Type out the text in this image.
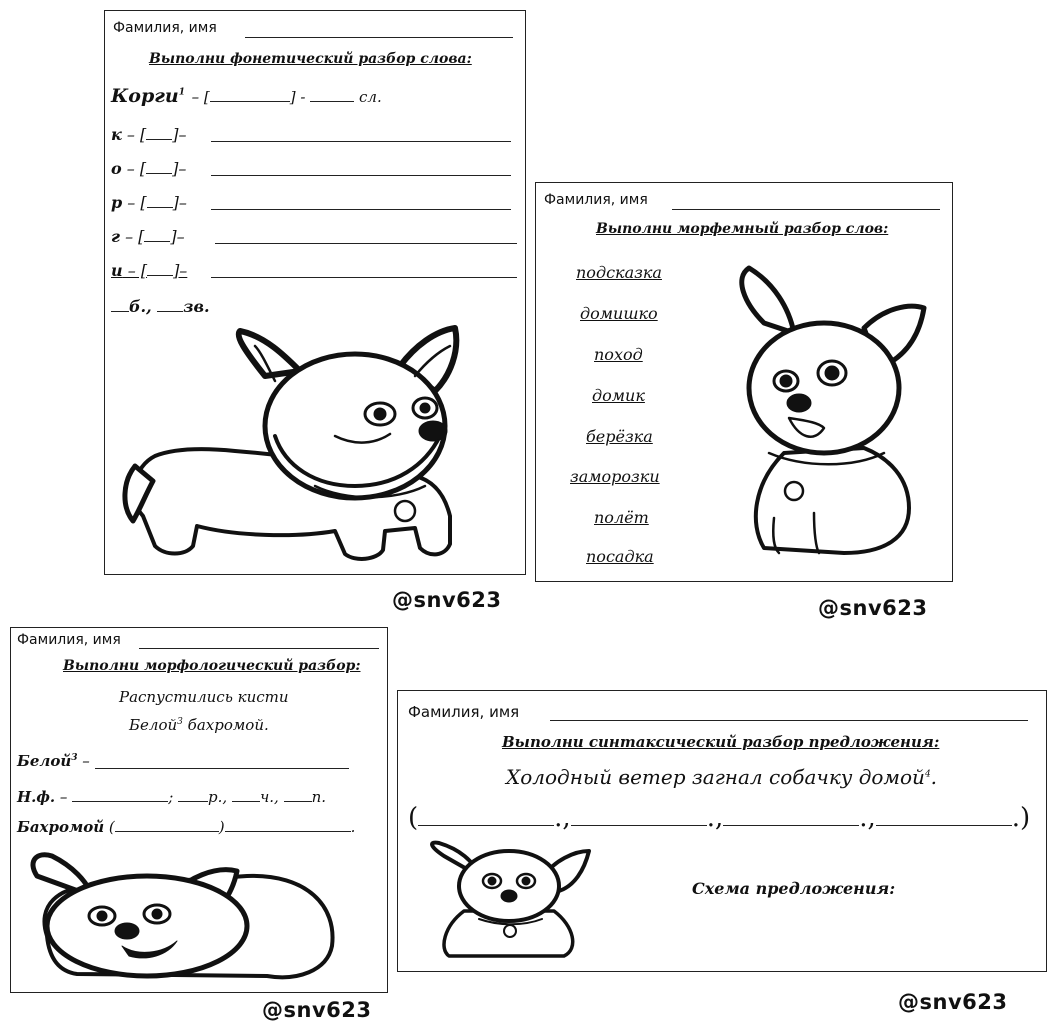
Фамилия, имя
Выполни фонетический разбор слова:
Корги$^1$ – [	] -	сл.
к – [ ]–
о – [ ]–
р – [ ]–
г – [ ]–
и – [ ]–
б., зв.
@snv623
Фамилия, имя
Выполни морфемный разбор слов:
подсказка
домишко
поход
домик
берёзка
заморозки
полёт
посадка
@snv623
Фамилия, имя
Выполни морфологический разбор:
Распустились кисти
Белой$^3$ бахромой.
Белой$^3$ –
Н.ф. –	; р., ч., п.
Бахромой (	)	.
@snv623
Фамилия, имя
Выполни синтаксический разбор предложения:
Холодный ветер загнал собачку домой$^4$.
(	.,	.,	.,	.)
Схема предложения:
@snv623
